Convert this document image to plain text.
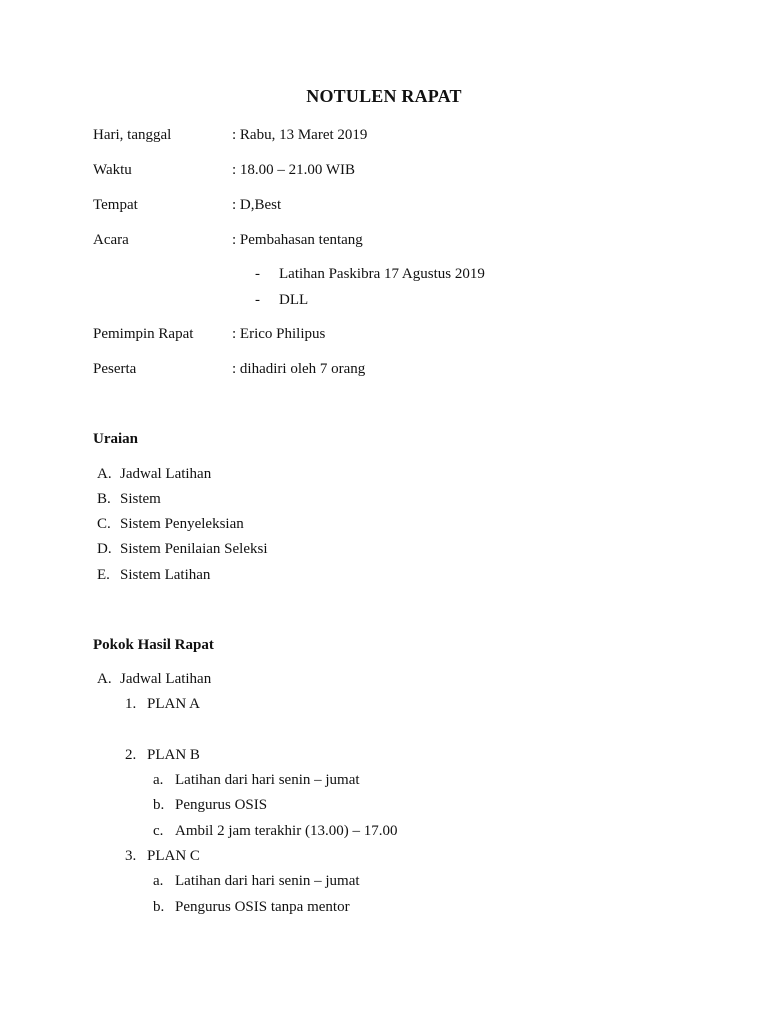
NOTULEN RAPAT
Hari, tanggal	: Rabu, 13 Maret 2019
Waktu	: 18.00 – 21.00 WIB
Tempat	: D,Best
Acara	: Pembahasan tentang
- Latihan Paskibra 17 Agustus 2019
- DLL
Pemimpin Rapat	: Erico Philipus
Peserta	: dihadiri oleh 7 orang
Uraian
A. Jadwal Latihan
B. Sistem
C. Sistem Penyeleksian
D. Sistem Penilaian Seleksi
E. Sistem Latihan
Pokok Hasil Rapat
A. Jadwal Latihan
1. PLAN A
2. PLAN B
a. Latihan dari hari senin – jumat
b. Pengurus OSIS
c. Ambil 2 jam terakhir (13.00) – 17.00
3. PLAN C
a. Latihan dari hari senin – jumat
b. Pengurus OSIS tanpa mentor
